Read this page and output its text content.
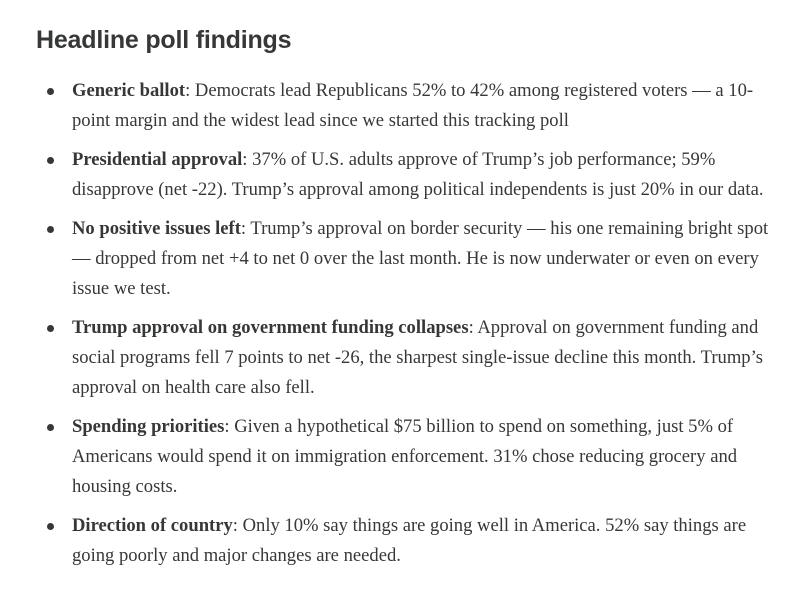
Headline poll findings
Generic ballot: Democrats lead Republicans 52% to 42% among registered voters — a 10-point margin and the widest lead since we started this tracking poll
Presidential approval: 37% of U.S. adults approve of Trump’s job performance; 59% disapprove (net -22). Trump’s approval among political independents is just 20% in our data.
No positive issues left: Trump’s approval on border security — his one remaining bright spot — dropped from net +4 to net 0 over the last month. He is now underwater or even on every issue we test.
Trump approval on government funding collapses: Approval on government funding and social programs fell 7 points to net -26, the sharpest single-issue decline this month. Trump’s approval on health care also fell.
Spending priorities: Given a hypothetical $75 billion to spend on something, just 5% of Americans would spend it on immigration enforcement. 31% chose reducing grocery and housing costs.
Direction of country: Only 10% say things are going well in America. 52% say things are going poorly and major changes are needed.
